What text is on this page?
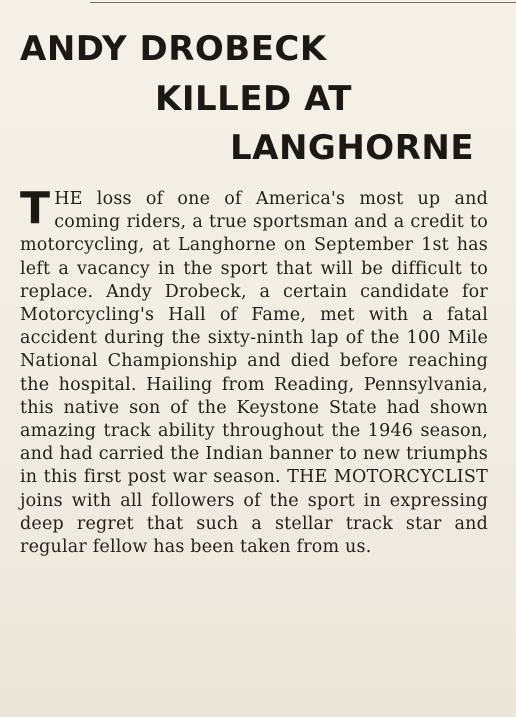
ANDY DROBECK
KILLED AT
LANGHORNE
THE loss of one of America's most up and coming riders, a true sportsman and a credit to motorcycling, at Langhorne on September 1st has left a vacancy in the sport that will be difficult to replace. Andy Drobeck, a certain candidate for Motorcycling's Hall of Fame, met with a fatal accident during the sixty-ninth lap of the 100 Mile National Championship and died before reaching the hospital. Hailing from Reading, Pennsylvania, this native son of the Keystone State had shown amazing track ability throughout the 1946 season, and had carried the Indian banner to new triumphs in this first post war season. THE MOTORCYCLIST joins with all followers of the sport in expressing deep regret that such a stellar track star and regular fellow has been taken from us.
